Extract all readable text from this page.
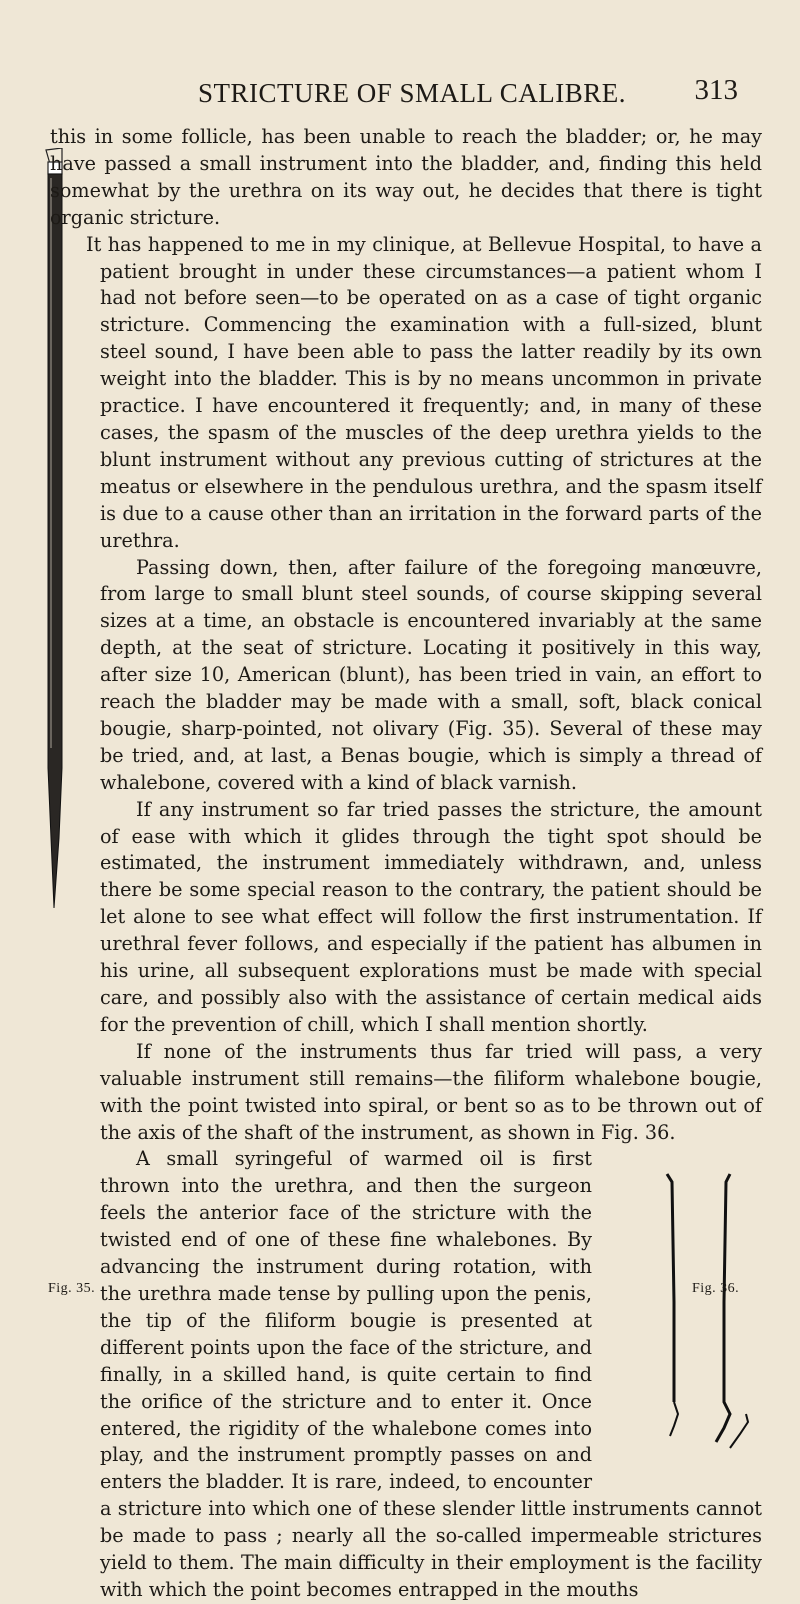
STRICTURE OF SMALL CALIBRE. 313

this in some follicle, has been unable to reach the bladder; or, he may have passed a small instrument into the bladder, and, finding this held somewhat by the urethra on its way out, he decides that there is tight organic stricture.

It has happened to me in my clinique, at Bellevue Hospital, to have a patient brought in under these circumstances—a patient whom I had not before seen—to be operated on as a case of tight organic stricture. Commencing the examination with a full-sized, blunt steel sound, I have been able to pass the latter readily by its own weight into the bladder. This is by no means uncommon in private practice. I have encountered it frequently; and, in many of these cases, the spasm of the muscles of the deep urethra yields to the blunt instrument without any previous cutting of strictures at the meatus or elsewhere in the pendulous urethra, and the spasm itself is due to a cause other than an irritation in the forward parts of the urethra.

Passing down, then, after failure of the foregoing manœuvre, from large to small blunt steel sounds, of course skipping several sizes at a time, an obstacle is encountered invariably at the same depth, at the seat of stricture. Locating it positively in this way, after size 10, American (blunt), has been tried in vain, an effort to reach the bladder may be made with a small, soft, black conical bougie, sharp-pointed, not olivary (Fig. 35). Several of these may be tried, and, at last, a Benas bougie, which is simply a thread of whalebone, covered with a kind of black varnish.

If any instrument so far tried passes the stricture, the amount of ease with which it glides through the tight spot should be estimated, the instrument immediately withdrawn, and, unless there be some special reason to the contrary, the patient should be let alone to see what effect will follow the first instrumentation. If urethral fever follows, and especially if the patient has albumen in his urine, all subsequent explorations must be made with special care, and possibly also with the assistance of certain medical aids for the prevention of chill, which I shall mention shortly.

If none of the instruments thus far tried will pass, a very valuable instrument still remains—the filiform whalebone bougie, with the point twisted into spiral, or bent so as to be thrown out of the axis of the shaft of the instrument, as shown in Fig. 36.

A small syringeful of warmed oil is first thrown into the urethra, and then the surgeon feels the anterior face of the stricture with the twisted end of one of these fine whalebones. By advancing the instrument during rotation, with the urethra made tense by pulling upon the penis, the tip of the filiform bougie is presented at different points upon the face of the stricture, and finally, in a skilled hand, is quite certain to find the orifice of the stricture and to enter it. Once entered, the rigidity of the whalebone comes into play, and the instrument promptly passes on and enters the bladder. It is rare, indeed, to encounter a stricture into which one of these slender little instruments cannot be made to pass ; nearly all the so-called impermeable strictures yield to them. The main difficulty in their employment is the facility with which the point becomes entrapped in the mouths

Fig. 35.	Fig. 36.
